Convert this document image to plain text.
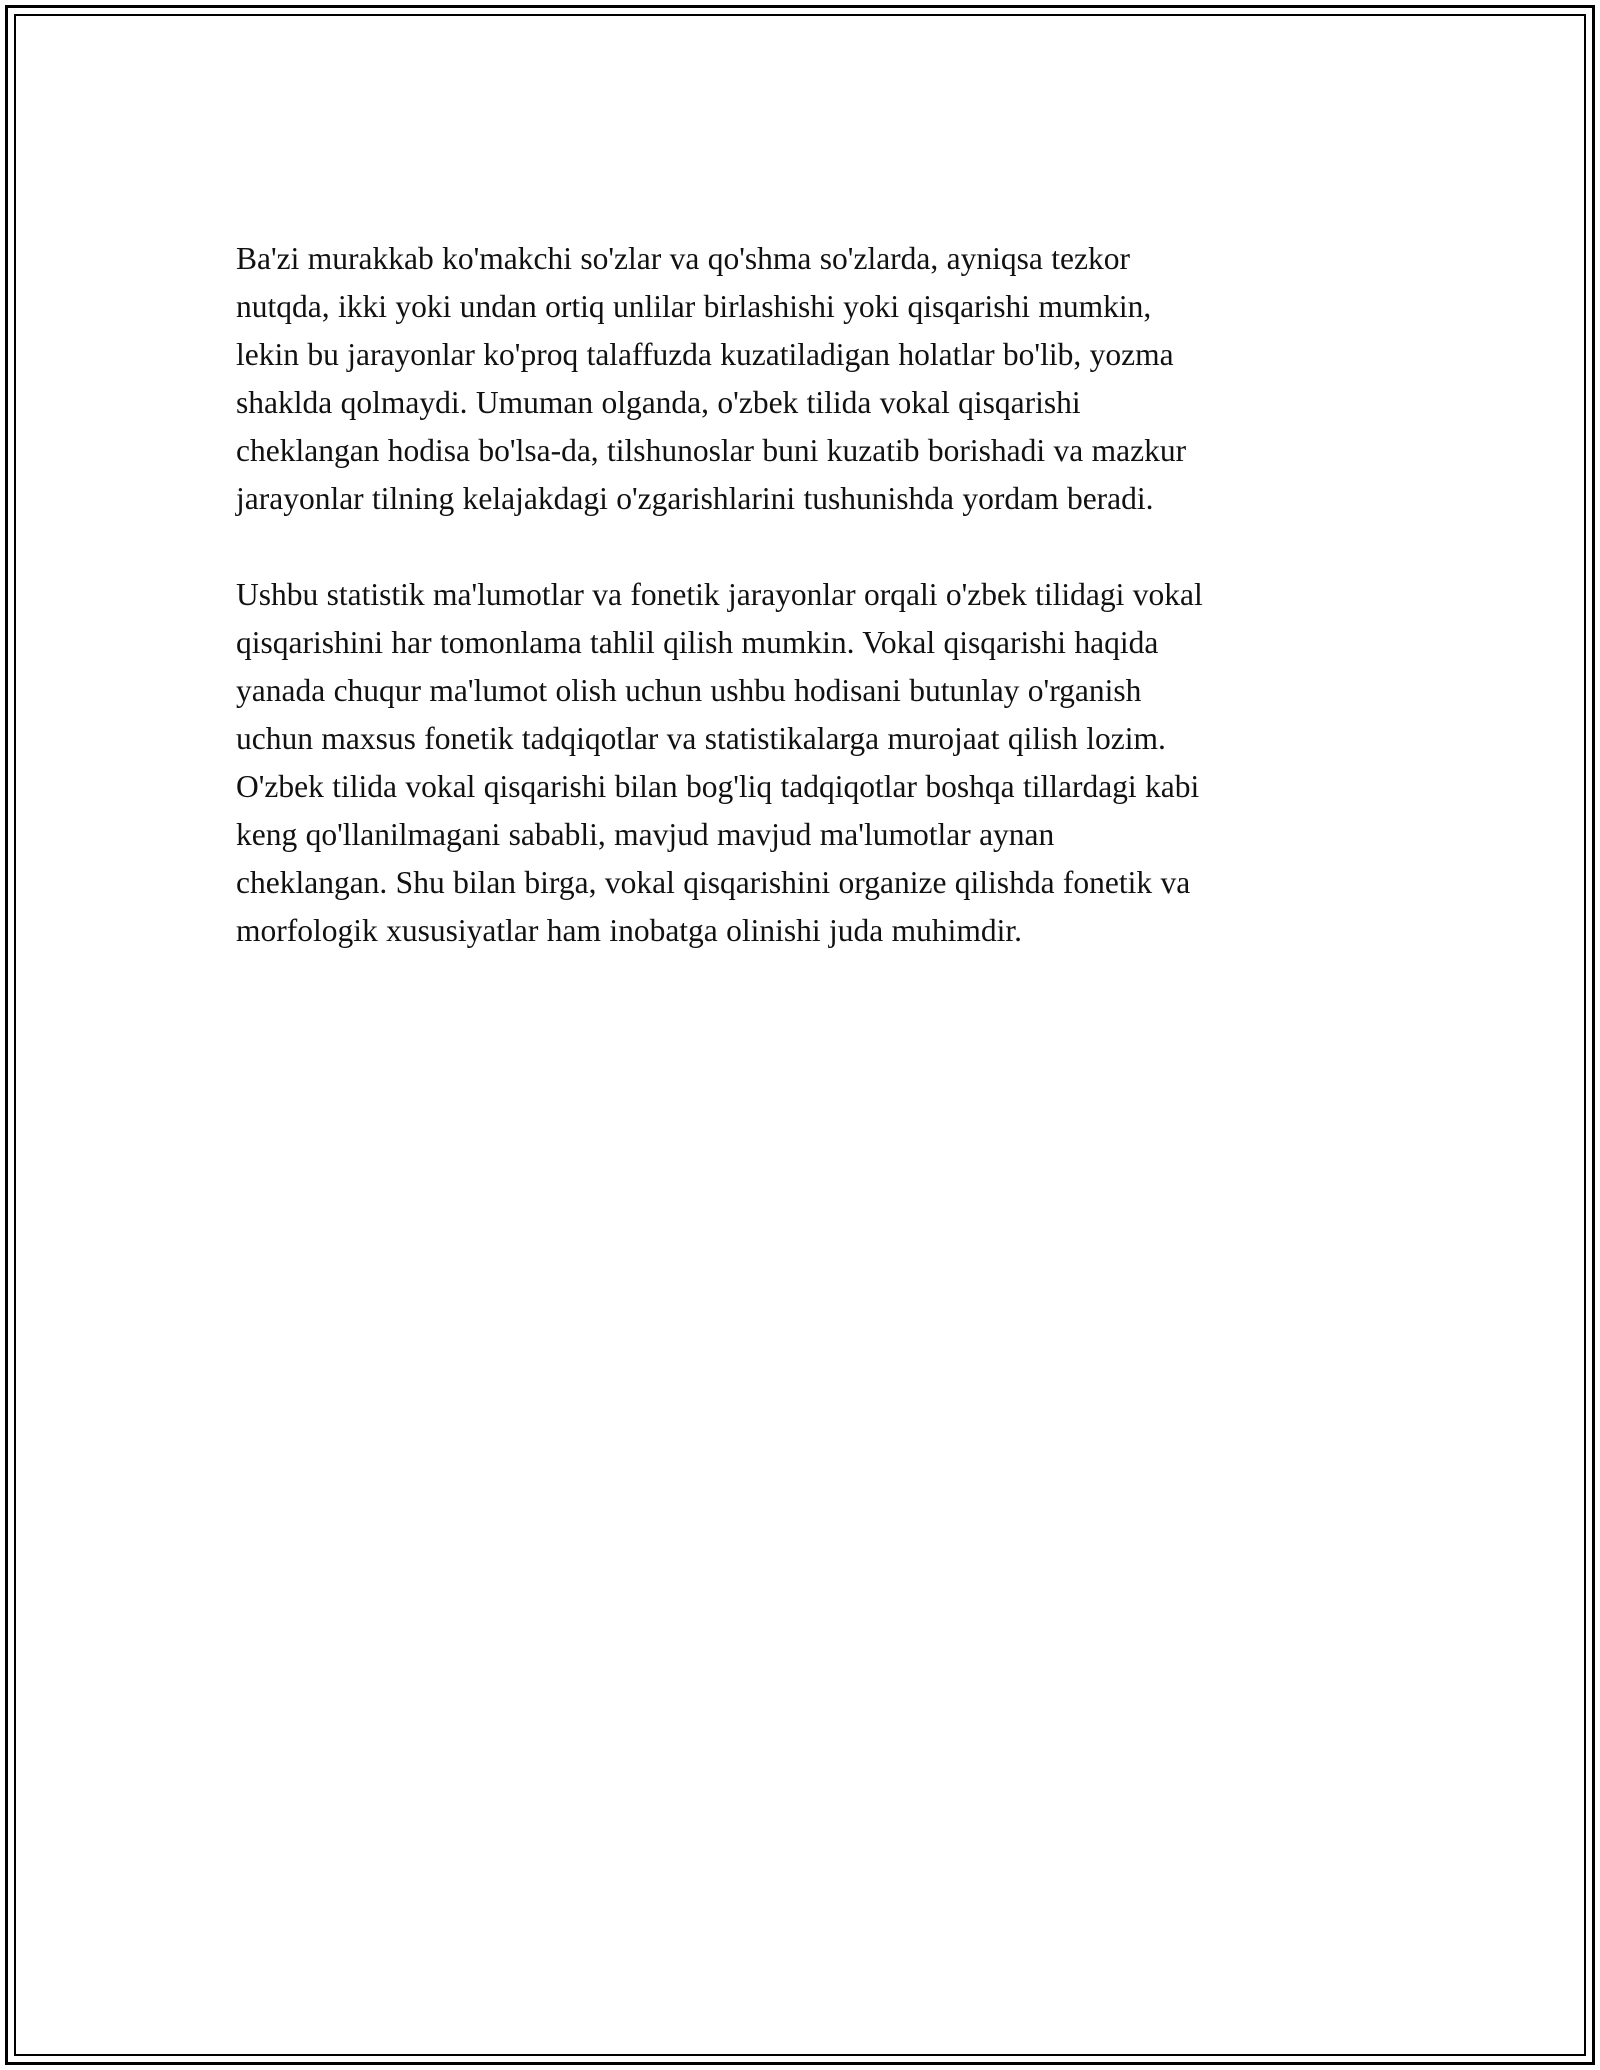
Ba'zi murakkab ko'makchi so'zlar va qo'shma so'zlarda, ayniqsa tezkor
nutqda, ikki yoki undan ortiq unlilar birlashishi yoki qisqarishi mumkin,
lekin bu jarayonlar ko'proq talaffuzda kuzatiladigan holatlar bo'lib, yozma
shaklda qolmaydi. Umuman olganda, o'zbek tilida vokal qisqarishi
cheklangan hodisa bo'lsa-da, tilshunoslar buni kuzatib borishadi va mazkur
jarayonlar tilning kelajakdagi o'zgarishlarini tushunishda yordam beradi.

Ushbu statistik ma'lumotlar va fonetik jarayonlar orqali o'zbek tilidagi vokal
qisqarishini har tomonlama tahlil qilish mumkin. Vokal qisqarishi haqida
yanada chuqur ma'lumot olish uchun ushbu hodisani butunlay o'rganish
uchun maxsus fonetik tadqiqotlar va statistikalarga murojaat qilish lozim.
O'zbek tilida vokal qisqarishi bilan bog'liq tadqiqotlar boshqa tillardagi kabi
keng qo'llanilmagani sababli, mavjud mavjud ma'lumotlar aynan
cheklangan. Shu bilan birga, vokal qisqarishini organize qilishda fonetik va
morfologik xususiyatlar ham inobatga olinishi juda muhimdir.
